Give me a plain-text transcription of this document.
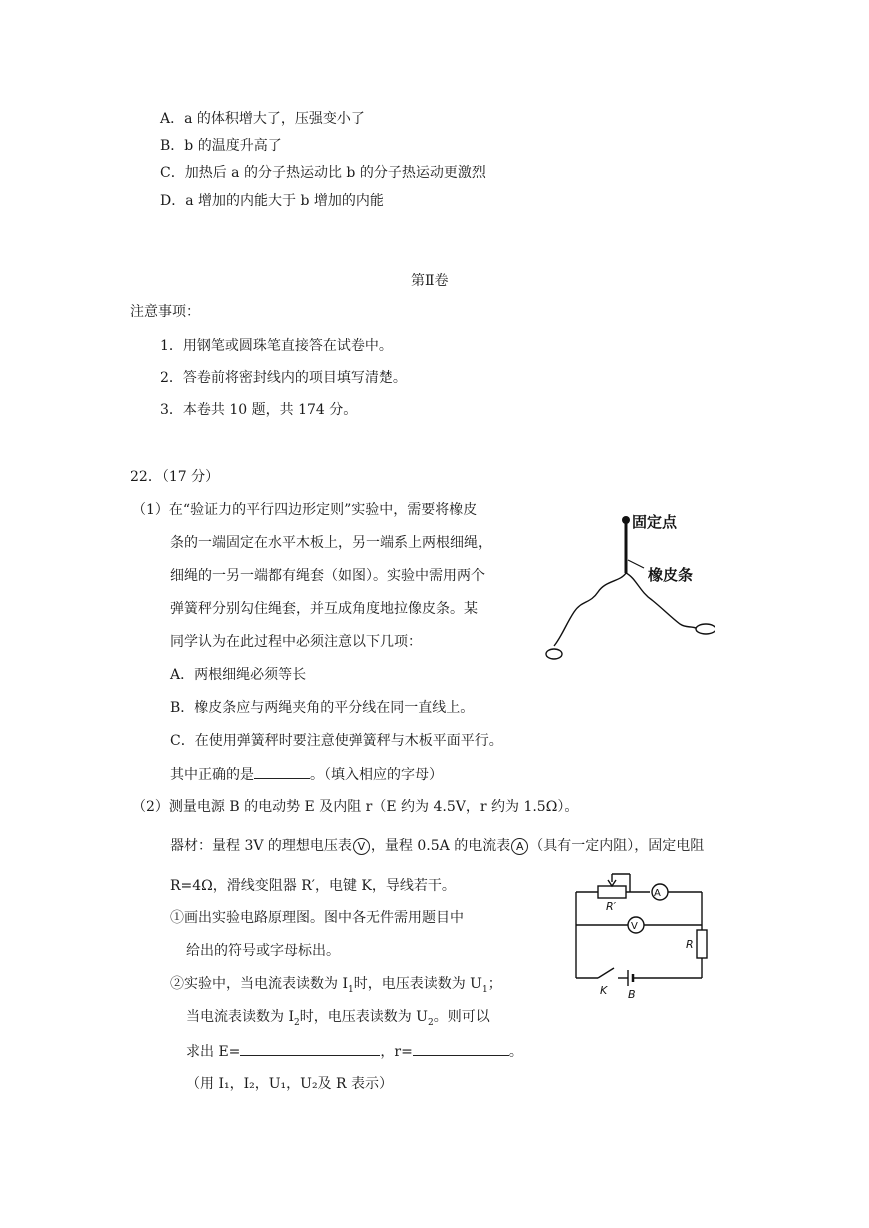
A．a 的体积增大了，压强变小了
B．b 的温度升高了
C．加热后 a 的分子热运动比 b 的分子热运动更激烈
D．a 增加的内能大于 b 增加的内能
第Ⅱ卷
注意事项：
1．用钢笔或圆珠笔直接答在试卷中。
2．答卷前将密封线内的项目填写清楚。
3．本卷共 10 题，共 174 分。
22．（17 分）
（1）在“验证力的平行四边形定则”实验中，需要将橡皮
条的一端固定在水平木板上，另一端系上两根细绳，
细绳的一另一端都有绳套（如图）。实验中需用两个
弹簧秤分别勾住绳套，并互成角度地拉像皮条。某
同学认为在此过程中必须注意以下几项：
A．两根细绳必须等长
B．橡皮条应与两绳夹角的平分线在同一直线上。
C．在使用弹簧秤时要注意使弹簧秤与木板平面平行。
其中正确的是	。（填入相应的字母）
固定点
橡皮条
（2）测量电源 B 的电动势 E 及内阻 r（E 约为 4.5V，r 约为 1.5Ω）。
器材：量程 3V 的理想电压表 V ，量程 0.5A 的电流表 A （具有一定内阻），固定电阻
R=4Ω，滑线变阻器 R′，电键 K，导线若干。
①画出实验电路原理图。图中各无件需用题目中
给出的符号或字母标出。
②实验中，当电流表读数为 $I_1$时，电压表读数为 $U_1$；
当电流表读数为 $I_2$时，电压表读数为 $U_2$。则可以
求出 E=	，r=	。
（用 I₁，I₂，U₁，U₂及 R 表示）
A
V
R′
R
K B
